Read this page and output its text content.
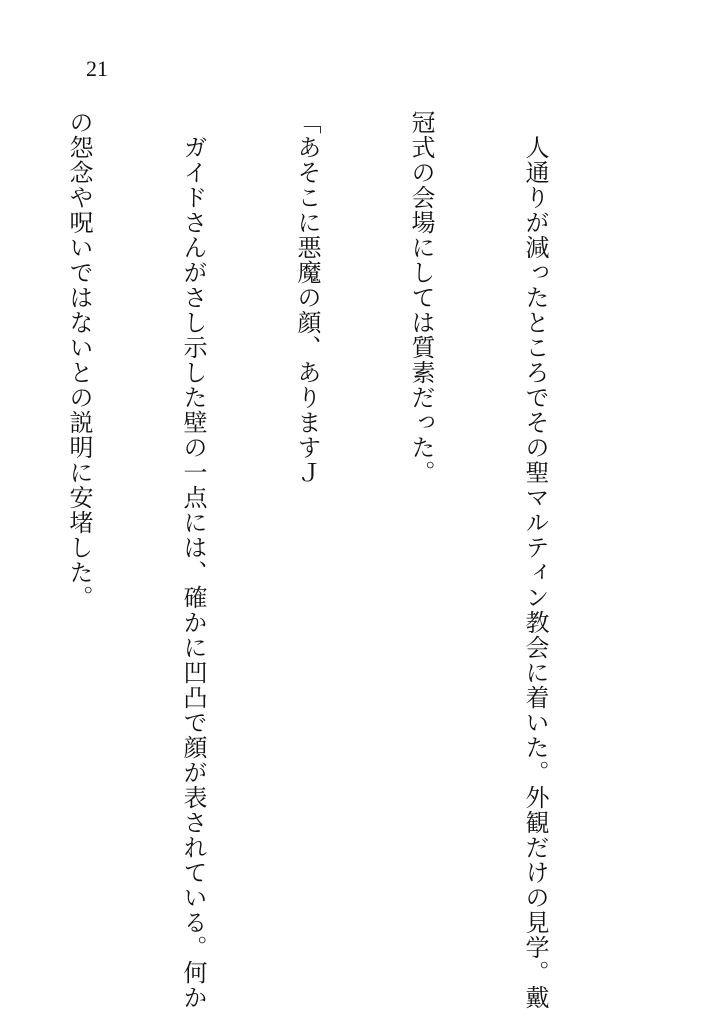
21

　人通りが減ったところでその聖マルティン教会に着いた。外観だけの見学。戴

冠式の会場にしては質素だった。

「あそこに悪魔の顔、ありますＪ

　ガイドさんがさし示した壁の一点には、確かに凹凸で顔が表されている。何か

の怨念や呪いではないとの説明に安堵した。
